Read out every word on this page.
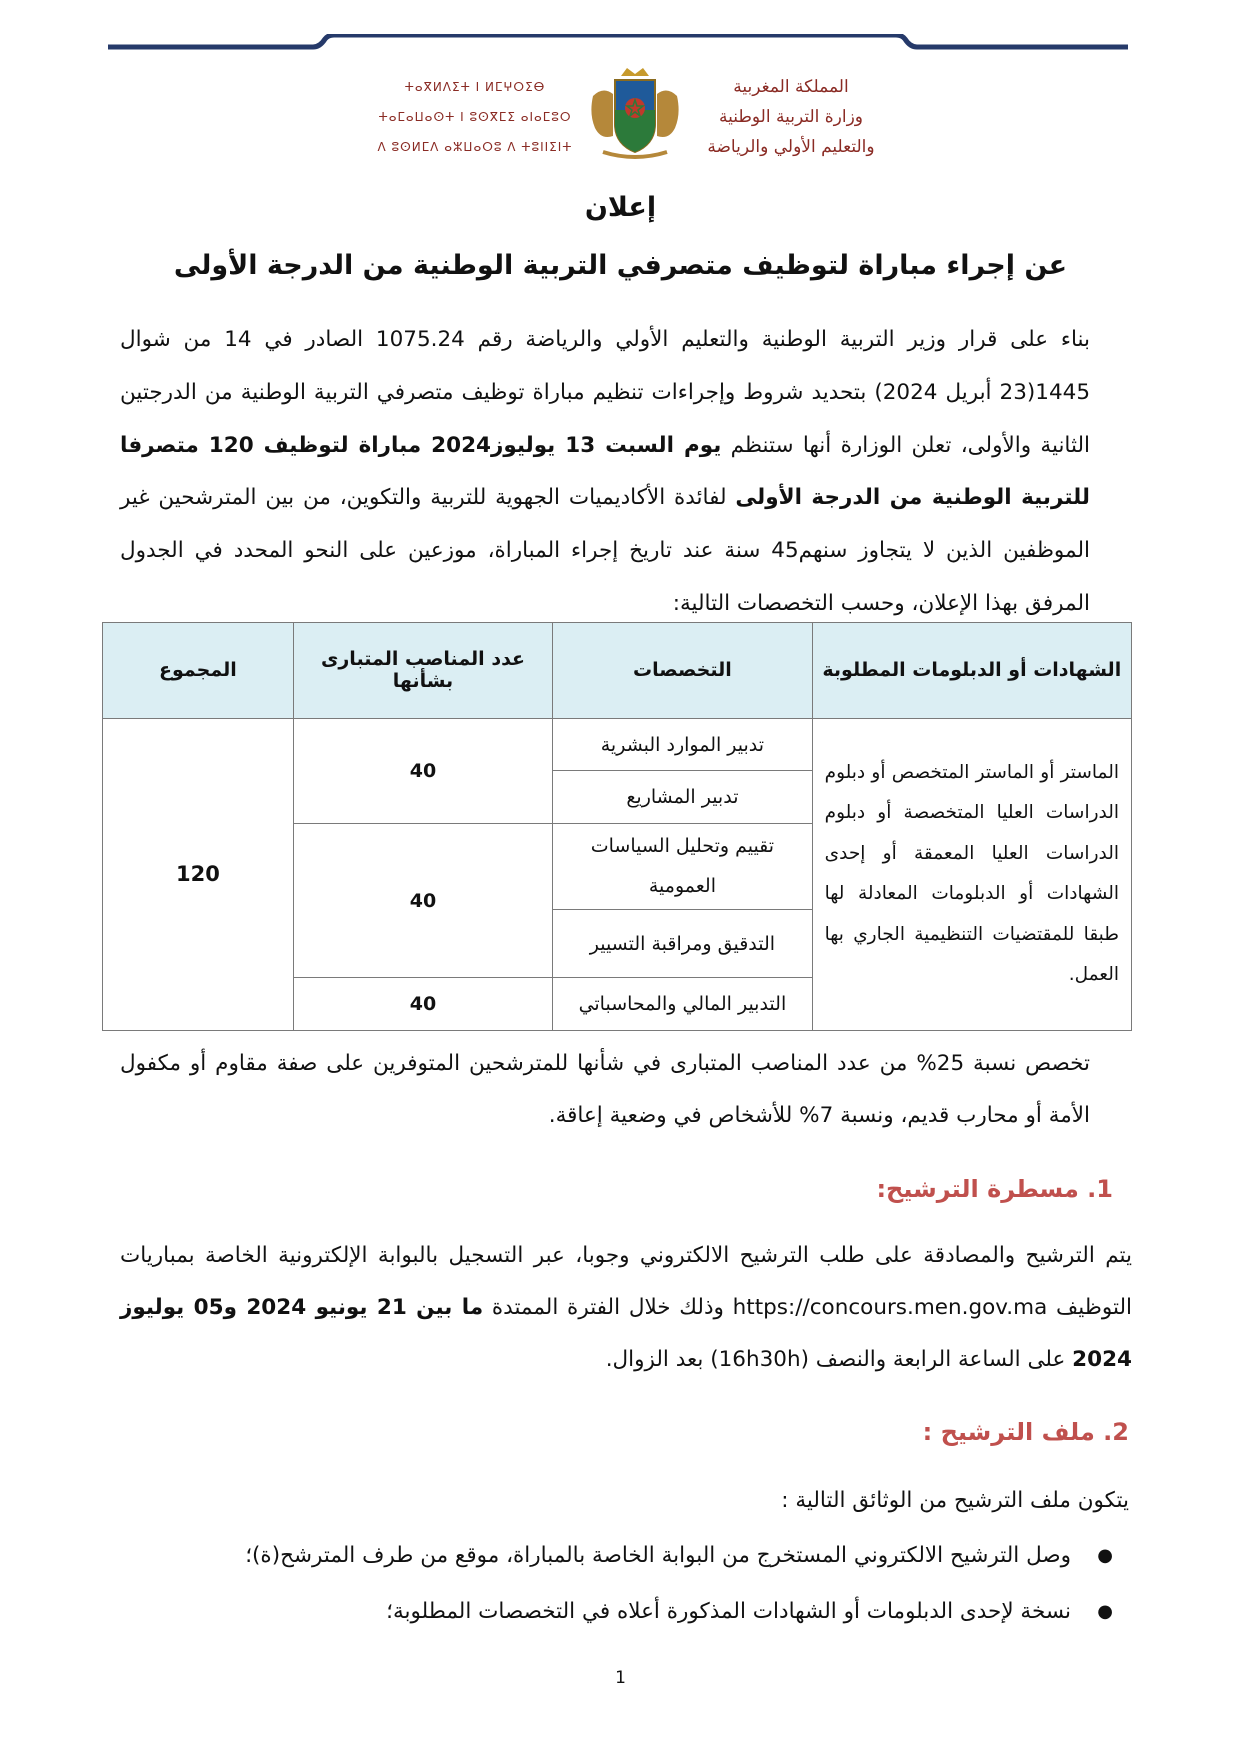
ⵜⴰⴳⵍⴷⵉⵜ ⵏ ⵍⵎⵖⵔⵉⴱ
ⵜⴰⵎⴰⵡⴰⵙⵜ ⵏ ⵓⵙⴳⵎⵉ ⴰⵏⴰⵎⵓⵔ
ⴷ ⵓⵙⵍⵎⴷ ⴰⵣⵡⴰⵔⵓ ⴷ ⵜⵓⵏⵏⵉⵏⵜ
المملكة المغربية
وزارة التربية الوطنية
والتعليم الأولي والرياضة
إعلان
عن إجراء مباراة لتوظيف متصرفي التربية الوطنية من الدرجة الأولى
بناء على قرار وزير التربية الوطنية والتعليم الأولي والرياضة رقم 1075.24 الصادر في 14 من شوال 1445(23 أبريل 2024) بتحديد شروط وإجراءات تنظيم مباراة توظيف متصرفي التربية الوطنية من الدرجتين الثانية والأولى، تعلن الوزارة أنها ستنظم يوم السبت 13 يوليوز2024 مباراة لتوظيف 120 متصرفا للتربية الوطنية من الدرجة الأولى لفائدة الأكاديميات الجهوية للتربية والتكوين، من بين المترشحين غير الموظفين الذين لا يتجاوز سنهم45 سنة عند تاريخ إجراء المباراة، موزعين على النحو المحدد في الجدول المرفق بهذا الإعلان، وحسب التخصصات التالية:
الشهادات أو الدبلومات المطلوبة	التخصصات	عدد المناصب المتبارى بشأنها	المجموع
الماستر أو الماستر المتخصص أو دبلوم الدراسات العليا المتخصصة أو دبلوم الدراسات العليا المعمقة أو إحدى الشهادات أو الدبلومات المعادلة لها طبقا للمقتضيات التنظيمية الجاري بها العمل.	تدبير الموارد البشرية	40	120
	تدبير المشاريع		
	تقييم وتحليل السياسات العمومية	40	
	التدقيق ومراقبة التسيير		
	التدبير المالي والمحاسباتي	40	
تخصص نسبة 25% من عدد المناصب المتبارى في شأنها للمترشحين المتوفرين على صفة مقاوم أو مكفول الأمة أو محارب قديم، ونسبة 7% للأشخاص في وضعية إعاقة.
1. مسطرة الترشيح:
يتم الترشيح والمصادقة على طلب الترشيح الالكتروني وجوبا، عبر التسجيل بالبوابة الإلكترونية الخاصة بمباريات التوظيف https://concours.men.gov.ma وذلك خلال الفترة الممتدة ما بين 21 يونيو 2024 و05 يوليوز 2024 على الساعة الرابعة والنصف (16h30h) بعد الزوال.
2. ملف الترشيح :
يتكون ملف الترشيح من الوثائق التالية :
● وصل الترشيح الالكتروني المستخرج من البوابة الخاصة بالمباراة، موقع من طرف المترشح(ة)؛
● نسخة لإحدى الدبلومات أو الشهادات المذكورة أعلاه في التخصصات المطلوبة؛
1
